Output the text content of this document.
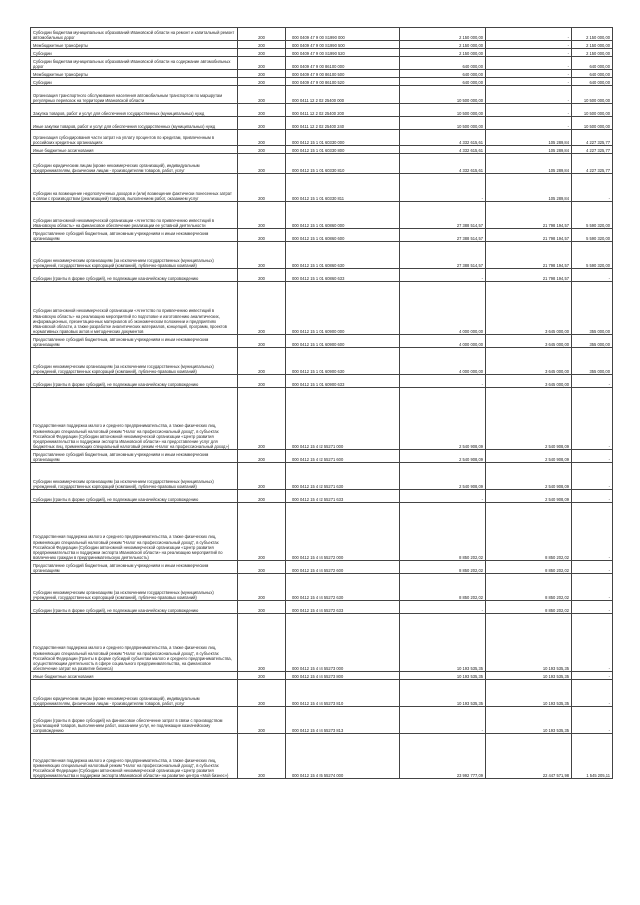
Субсидии бюджетам муниципальных образований Ивановской области на ремонт и капитальный ремонт автомобильных дорог	200	000 0409 47 9 00 S1990 000	2 150 000,00	-	2 150 000,00
Межбюджетные трансферты	200	000 0409 47 9 00 S1990 500	2 150 000,00	-	2 150 000,00
Субсидии	200	000 0409 47 9 00 S1990 520	2 150 000,00	-	2 150 000,00
Субсидии бюджетам муниципальных образований Ивановской области на содержание автомобильных дорог	200	000 0409 47 9 00 86100 000	640 000,00	-	640 000,00
Межбюджетные трансферты	200	000 0409 47 9 00 86100 500	640 000,00	-	640 000,00
Субсидии	200	000 0409 47 9 00 86100 520	640 000,00	-	640 000,00
Организация транспортного обслуживания населения автомобильным транспортом по маршрутам регулярных перевозок на территории Ивановской области	200	000 0411 12 2 02 25400 000	10 500 000,00	-	10 500 000,00
Закупка товаров, работ и услуг для обеспечения государственных (муниципальных) нужд	200	000 0411 12 2 02 25400 200	10 500 000,00	-	10 500 000,00
Иные закупки товаров, работ и услуг для обеспечения государственных (муниципальных) нужд	200	000 0411 12 2 02 25400 240	10 500 000,00	-	10 500 000,00
Организация субсидирования части затрат на уплату процентов по кредитам, привлеченным в российских кредитных организациях	200	000 0412 15 1 01 60330 000	4 332 615,61	105 289,84	4 227 325,77
Иные бюджетные ассигнования	200	000 0412 15 1 01 60330 800	4 332 615,61	105 289,84	4 227 325,77
Субсидии юридическим лицам (кроме некоммерческих организаций), индивидуальным предпринимателям, физическим лицам - производителям товаров, работ, услуг	200	000 0412 15 1 01 60330 810	4 332 615,61	105 289,84	4 227 325,77
Субсидии на возмещение недополученных доходов и (или) возмещение фактически понесенных затрат в связи с производством (реализацией) товаров, выполнением работ, оказанием услуг	200	000 0412 15 1 01 60330 811	-	105 289,84	-
Субсидии автономной некоммерческой организации «Агентство по привлечению инвестиций в Ивановскую область» на финансовое обеспечение реализации ее уставной деятельности	200	000 0412 15 1 01 60860 000	27 388 514,57	21 798 194,57	5 590 320,00
Предоставление субсидий бюджетным, автономным учреждениям и иным некоммерческим организациям	200	000 0412 15 1 01 60860 600	27 388 514,57	21 798 194,57	5 590 320,00
Субсидии некоммерческим организациям (за исключением государственных (муниципальных) учреждений, государственных корпораций (компаний), публично-правовых компаний)	200	000 0412 15 1 01 60860 630	27 388 514,57	21 798 194,57	5 590 320,00
Субсидии (гранты в форме субсидий), не подлежащие казначейскому сопровождению	200	000 0412 15 1 01 60860 633	-	21 798 194,57	-
Субсидии автономной некоммерческой организации «Агентство по привлечению инвестиций в Ивановскую область» на реализацию мероприятий по подготовке и изготовлению аналитических, информационных, презентационных материалов об экономическом положении и предприятиях Ивановской области, а также разработке аналитических материалов, концепций, программ, проектов нормативных правовых актов и методических документов	200	000 0412 15 1 01 60900 000	4 000 000,00	3 645 000,00	355 000,00
Предоставление субсидий бюджетным, автономным учреждениям и иным некоммерческим организациям	200	000 0412 15 1 01 60900 600	4 000 000,00	3 645 000,00	355 000,00
Субсидии некоммерческим организациям (за исключением государственных (муниципальных) учреждений, государственных корпораций (компаний), публично-правовых компаний)	200	000 0412 15 1 01 60900 630	4 000 000,00	3 645 000,00	355 000,00
Субсидии (гранты в форме субсидий), не подлежащие казначейскому сопровождению	200	000 0412 15 1 01 60900 633	-	3 645 000,00	-
Государственная поддержка малого и среднего предпринимательства, а также физических лиц, применяющих специальный налоговый режим "Налог на профессиональный доход", в субъектах Российской Федерации (Субсидии автономной некоммерческой организации «Центр развития предпринимательства и поддержки экспорта Ивановской области» на предоставление услуг для бюджетных лиц, применяющих специальный налоговый режим «Налог на профессиональный доход»)	200	000 0412 15 4 I2 55271 000	2 540 908,09	2 540 908,09	-
Предоставление субсидий бюджетным, автономным учреждениям и иным некоммерческим организациям	200	000 0412 15 4 I2 55271 600	2 540 908,09	2 540 908,09	-
Субсидии некоммерческим организациям (за исключением государственных (муниципальных) учреждений, государственных корпораций (компаний), публично-правовых компаний)	200	000 0412 15 4 I2 55271 630	2 540 908,09	2 540 908,09	-
Субсидии (гранты в форме субсидий), не подлежащие казначейскому сопровождению	200	000 0412 15 4 I2 55271 633	-	2 540 908,09	-
Государственная поддержка малого и среднего предпринимательства, а также физических лиц, применяющих специальный налоговый режим "Налог на профессиональный доход", в субъектах Российской Федерации (Субсидии автономной некоммерческой организации «Центр развития предпринимательства и поддержки экспорта Ивановской области» на реализацию мероприятий по вовлечению граждан в предпринимательскую деятельность)	200	000 0412 15 4 I4 55272 000	8 850 202,02	8 850 202,02	-
Предоставление субсидий бюджетным, автономным учреждениям и иным некоммерческим организациям	200	000 0412 15 4 I4 55272 600	8 850 202,02	8 850 202,02	-
Субсидии некоммерческим организациям (за исключением государственных (муниципальных) учреждений, государственных корпораций (компаний), публично-правовых компаний)	200	000 0412 15 4 I4 55272 630	8 850 202,02	8 850 202,02	-
Субсидии (гранты в форме субсидий), не подлежащие казначейскому сопровождению	200	000 0412 15 4 I4 55272 633	-	8 850 202,02	-
Государственная поддержка малого и среднего предпринимательства, а также физических лиц, применяющих специальный налоговый режим "Налог на профессиональный доход", в субъектах Российской Федерации (Гранты в форме субсидий субъектам малого и среднего предпринимательства, осуществляющим деятельность в сфере социального предпринимательства, на финансовое обеспечение затрат на развитие бизнеса)	200	000 0412 15 4 I4 55273 000	10 193 535,35	10 193 535,35	-
Иные бюджетные ассигнования	200	000 0412 15 4 I4 55273 800	10 193 535,35	10 193 535,35	-
Субсидии юридическим лицам (кроме некоммерческих организаций), индивидуальным предпринимателям, физическим лицам - производителям товаров, работ, услуг	200	000 0412 15 4 I4 55273 810	10 193 535,35	10 193 535,35	-
Субсидии (гранты в форме субсидий) на финансовое обеспечение затрат в связи с производством (реализацией товаров, выполнением работ, оказанием услуг, не подлежащие казначейскому сопровождению	200	000 0412 15 4 I4 55273 813	-	10 193 535,35	-
Государственная поддержка малого и среднего предпринимательства, а также физических лиц, применяющих специальный налоговый режим "Налог на профессиональный доход", в субъектах Российской Федерации (Субсидии автономной некоммерческой организации «Центр развития предпринимательства и поддержки экспорта Ивановской области» на развитие центра «Мой бизнес»)	200	000 0412 15 4 I5 55274 000	23 992 777,09	22 447 571,98	1 545 205,11
